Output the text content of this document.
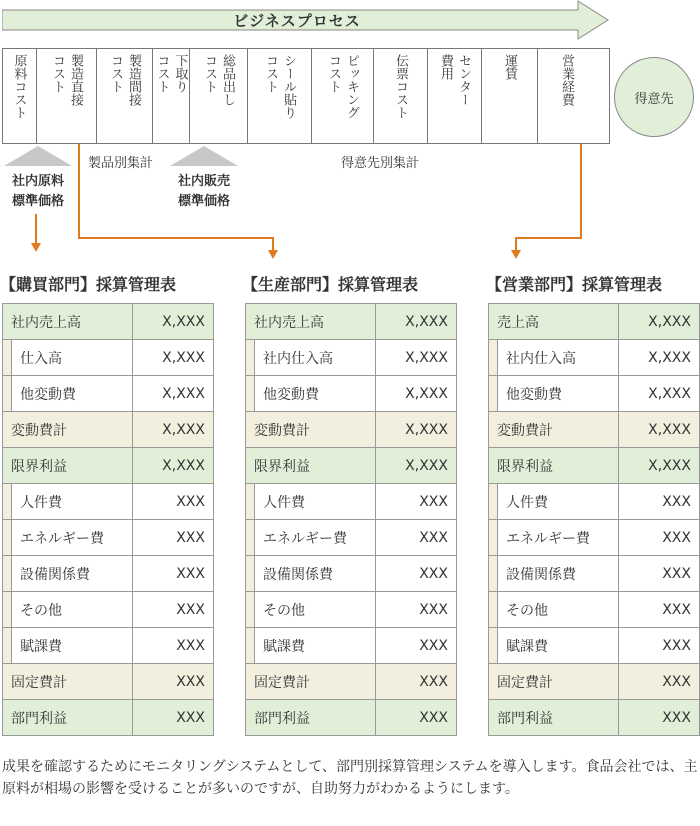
ビジネスプロセス
原料コスト	製造直接
コスト	製造間接
コスト	下取り
コスト	総品出し
コスト	シール貼り
コスト	ピッキング
コスト	伝票コスト	センター
費用	運賃	営業経費	得意先
社内原料
標準価格
社内販売
標準価格
製品別集計	得意先別集計
【購買部門】採算管理表	【生産部門】採算管理表	【営業部門】採算管理表
社内売上高		X,XXX
	仕入高	X,XXX
	他変動費	X,XXX
変動費計		X,XXX
限界利益		X,XXX
	人件費	XXX
	エネルギー費	XXX
	設備関係費	XXX
	その他	XXX
	賦課費	XXX
固定費計		XXX
部門利益		XXX
社内売上高		X,XXX
	社内仕入高	X,XXX
	他変動費	X,XXX
変動費計		X,XXX
限界利益		X,XXX
	人件費	XXX
	エネルギー費	XXX
	設備関係費	XXX
	その他	XXX
	賦課費	XXX
固定費計		XXX
部門利益		XXX
売上高		X,XXX
	社内仕入高	X,XXX
	他変動費	X,XXX
変動費計		X,XXX
限界利益		X,XXX
	人件費	XXX
	エネルギー費	XXX
	設備関係費	XXX
	その他	XXX
	賦課費	XXX
固定費計		XXX
部門利益		XXX
成果を確認するためにモニタリングシステムとして、部門別採算管理システムを導入します。食品会社では、主原料が相場の影響を受けることが多いのですが、自助努力がわかるようにします。
